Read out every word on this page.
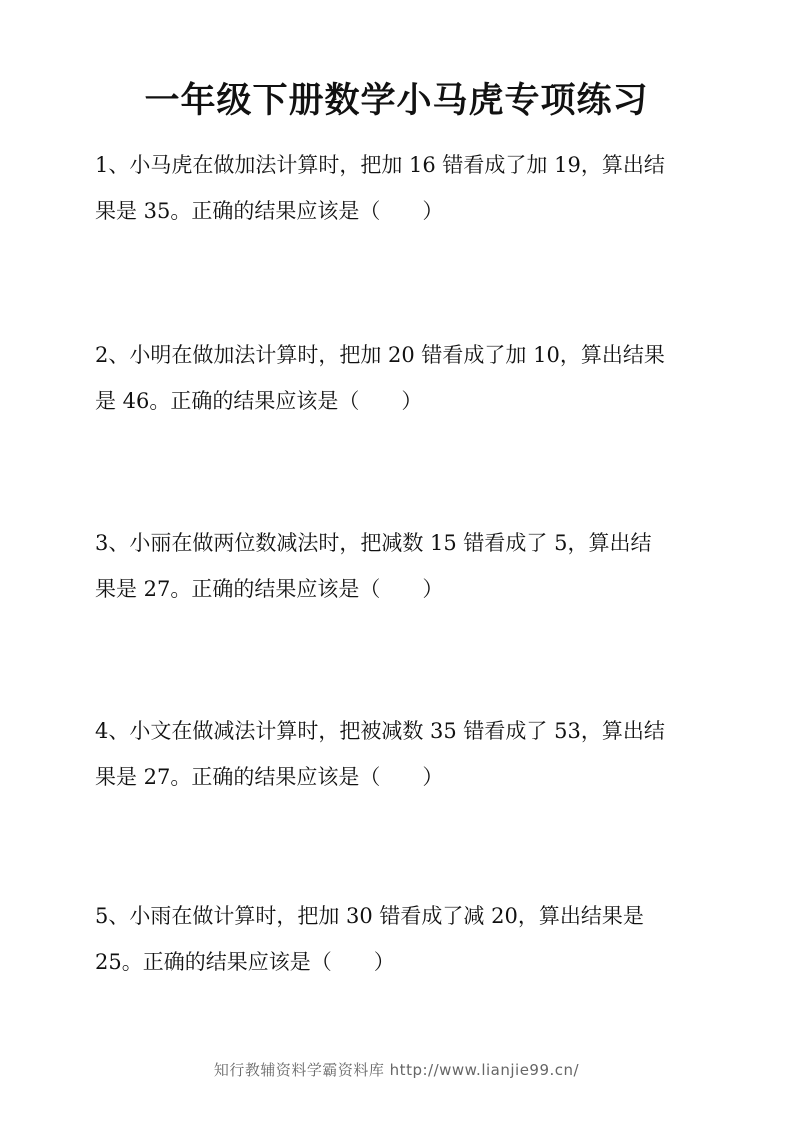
一年级下册数学小马虎专项练习
1、小马虎在做加法计算时，把加 16 错看成了加 19，算出结
果是 35。正确的结果应该是（　　）
2、小明在做加法计算时，把加 20 错看成了加 10，算出结果
是 46。正确的结果应该是（　　）
3、小丽在做两位数减法时，把减数 15 错看成了 5，算出结
果是 27。正确的结果应该是（　　）
4、小文在做减法计算时，把被减数 35 错看成了 53，算出结
果是 27。正确的结果应该是（　　）
5、小雨在做计算时，把加 30 错看成了减 20，算出结果是
25。正确的结果应该是（　　）
知行教辅资料学霸资料库 http://www.lianjie99.cn/
